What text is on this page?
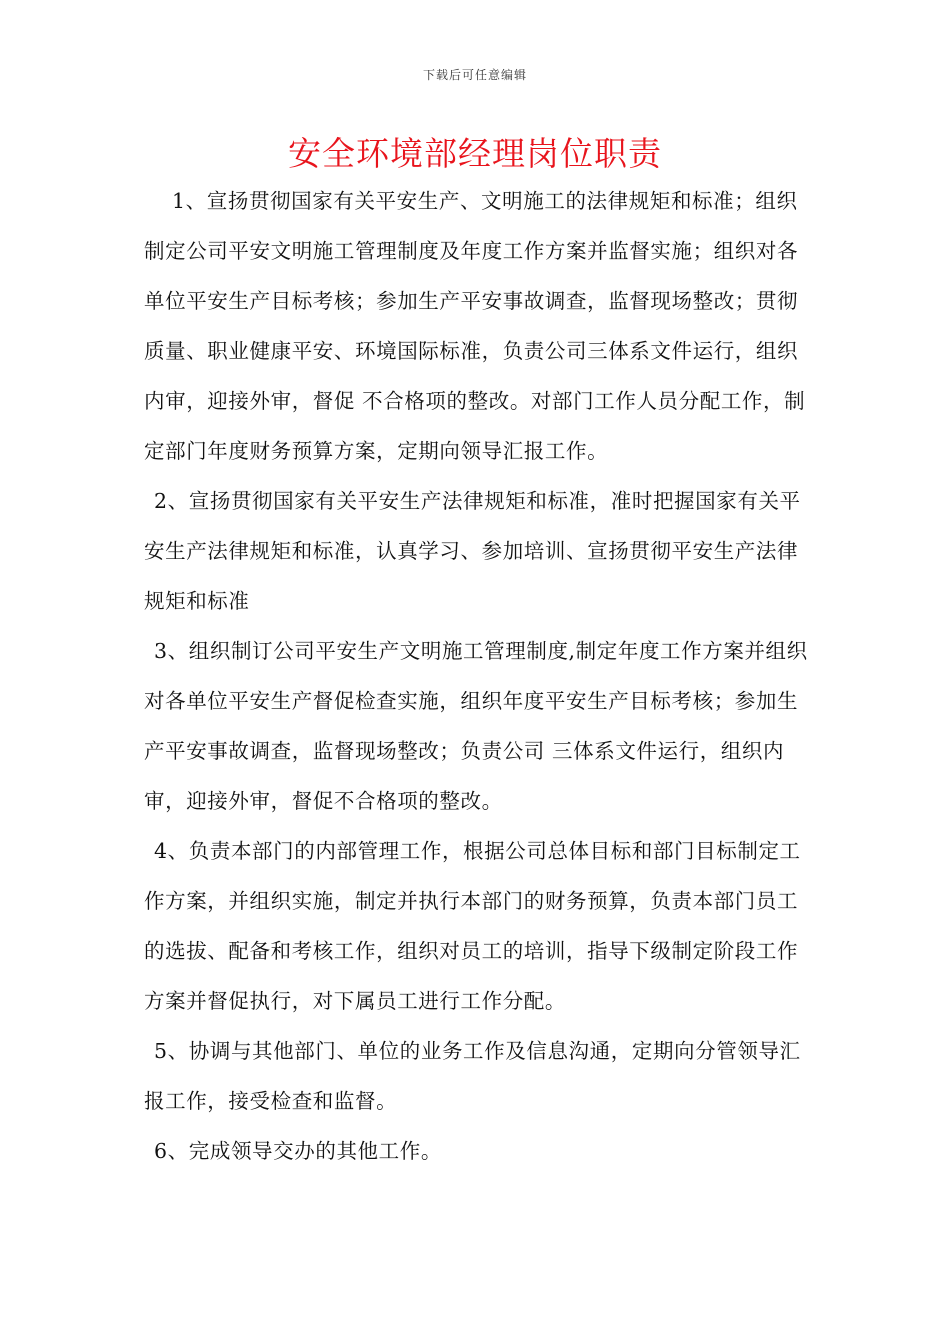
下载后可任意编辑
安全环境部经理岗位职责

1、宣扬贯彻国家有关平安生产、文明施工的法律规矩和标准；组织制定公司平安文明施工管理制度及年度工作方案并监督实施；组织对各单位平安生产目标考核；参加生产平安事故调查，监督现场整改；贯彻质量、职业健康平安、环境国际标准，负责公司三体系文件运行，组织内审，迎接外审，督促 不合格项的整改。对部门工作人员分配工作，制定部门年度财务预算方案，定期向领导汇报工作。

2、宣扬贯彻国家有关平安生产法律规矩和标准，准时把握国家有关平安生产法律规矩和标准，认真学习、参加培训、宣扬贯彻平安生产法律规矩和标准

3、组织制订公司平安生产文明施工管理制度,制定年度工作方案并组织对各单位平安生产督促检查实施，组织年度平安生产目标考核；参加生产平安事故调查，监督现场整改；负责公司 三体系文件运行，组织内审，迎接外审，督促不合格项的整改。

4、负责本部门的内部管理工作，根据公司总体目标和部门目标制定工作方案，并组织实施，制定并执行本部门的财务预算，负责本部门员工的选拔、配备和考核工作，组织对员工的培训，指导下级制定阶段工作方案并督促执行，对下属员工进行工作分配。

5、协调与其他部门、单位的业务工作及信息沟通，定期向分管领导汇报工作，接受检查和监督。

6、完成领导交办的其他工作。
